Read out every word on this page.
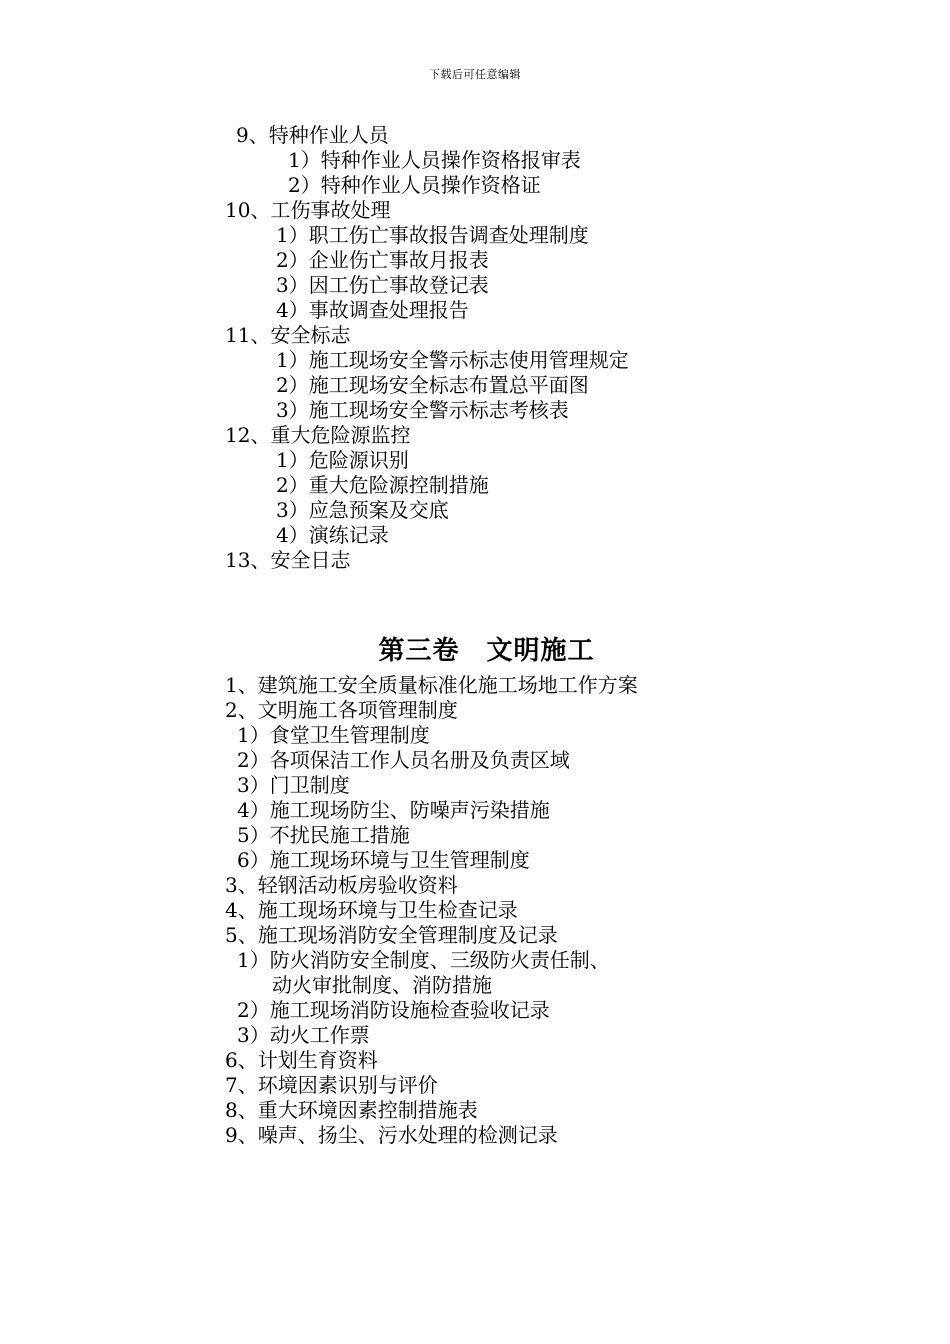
下载后可任意编辑
9、特种作业人员
1）特种作业人员操作资格报审表
2）特种作业人员操作资格证
10、工伤事故处理
1）职工伤亡事故报告调查处理制度
2）企业伤亡事故月报表
3）因工伤亡事故登记表
4）事故调查处理报告
11、安全标志
1）施工现场安全警示标志使用管理规定
2）施工现场安全标志布置总平面图
3）施工现场安全警示标志考核表
12、重大危险源监控
1）危险源识别
2）重大危险源控制措施
3）应急预案及交底
4）演练记录
13、安全日志
第三卷　文明施工
1、建筑施工安全质量标准化施工场地工作方案
2、文明施工各项管理制度
1）食堂卫生管理制度
2）各项保洁工作人员名册及负责区域
3）门卫制度
4）施工现场防尘、防噪声污染措施
5）不扰民施工措施
6）施工现场环境与卫生管理制度
3、轻钢活动板房验收资料
4、施工现场环境与卫生检查记录
5、施工现场消防安全管理制度及记录
1）防火消防安全制度、三级防火责任制、
动火审批制度、消防措施
2）施工现场消防设施检查验收记录
3）动火工作票
6、计划生育资料
7、环境因素识别与评价
8、重大环境因素控制措施表
9、噪声、扬尘、污水处理的检测记录
